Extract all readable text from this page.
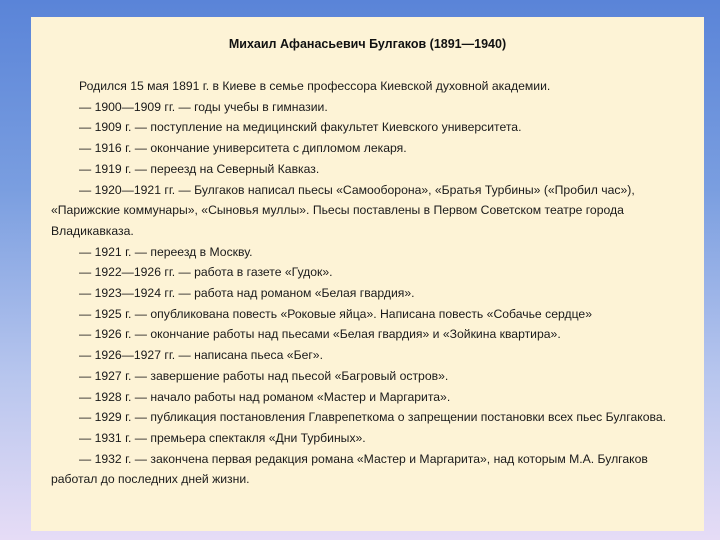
Михаил Афанасьевич Булгаков (1891—1940)

Родился 15 мая 1891 г. в Киеве в семье профессора Киевской духовной академии.

— 1900—1909 гг. — годы учебы в гимназии.

— 1909 г. — поступление на медицинский факультет Киевского университета.

— 1916 г. — окончание университета с дипломом лекаря.

— 1919 г. — переезд на Северный Кавказ.

— 1920—1921 гг. — Булгаков написал пьесы «Самооборона», «Братья Турбины» («Пробил час»), «Парижские коммунары», «Сыновья муллы». Пьесы поставлены в Первом Советском театре города Владикавказа.

— 1921 г. — переезд в Москву.

— 1922—1926 гг. — работа в газете «Гудок».

— 1923—1924 гг. — работа над романом «Белая гвардия».

— 1925 г. — опубликована повесть «Роковые яйца». Написана повесть «Собачье сердце»

— 1926 г. — окончание работы над пьесами «Белая гвардия» и «Зойкина квартира».

— 1926—1927 гг. — написана пьеса «Бег».

— 1927 г. — завершение работы над пьесой «Багровый остров».

— 1928 г. — начало работы над романом «Мастер и Маргарита».

— 1929 г. — публикация постановления Главрепеткома о запрещении постановки всех пьес Булгакова.

— 1931 г. — премьера спектакля «Дни Турбиных».

— 1932 г. — закончена первая редакция романа «Мастер и Маргарита», над которым М.А. Булгаков работал до последних дней жизни.
